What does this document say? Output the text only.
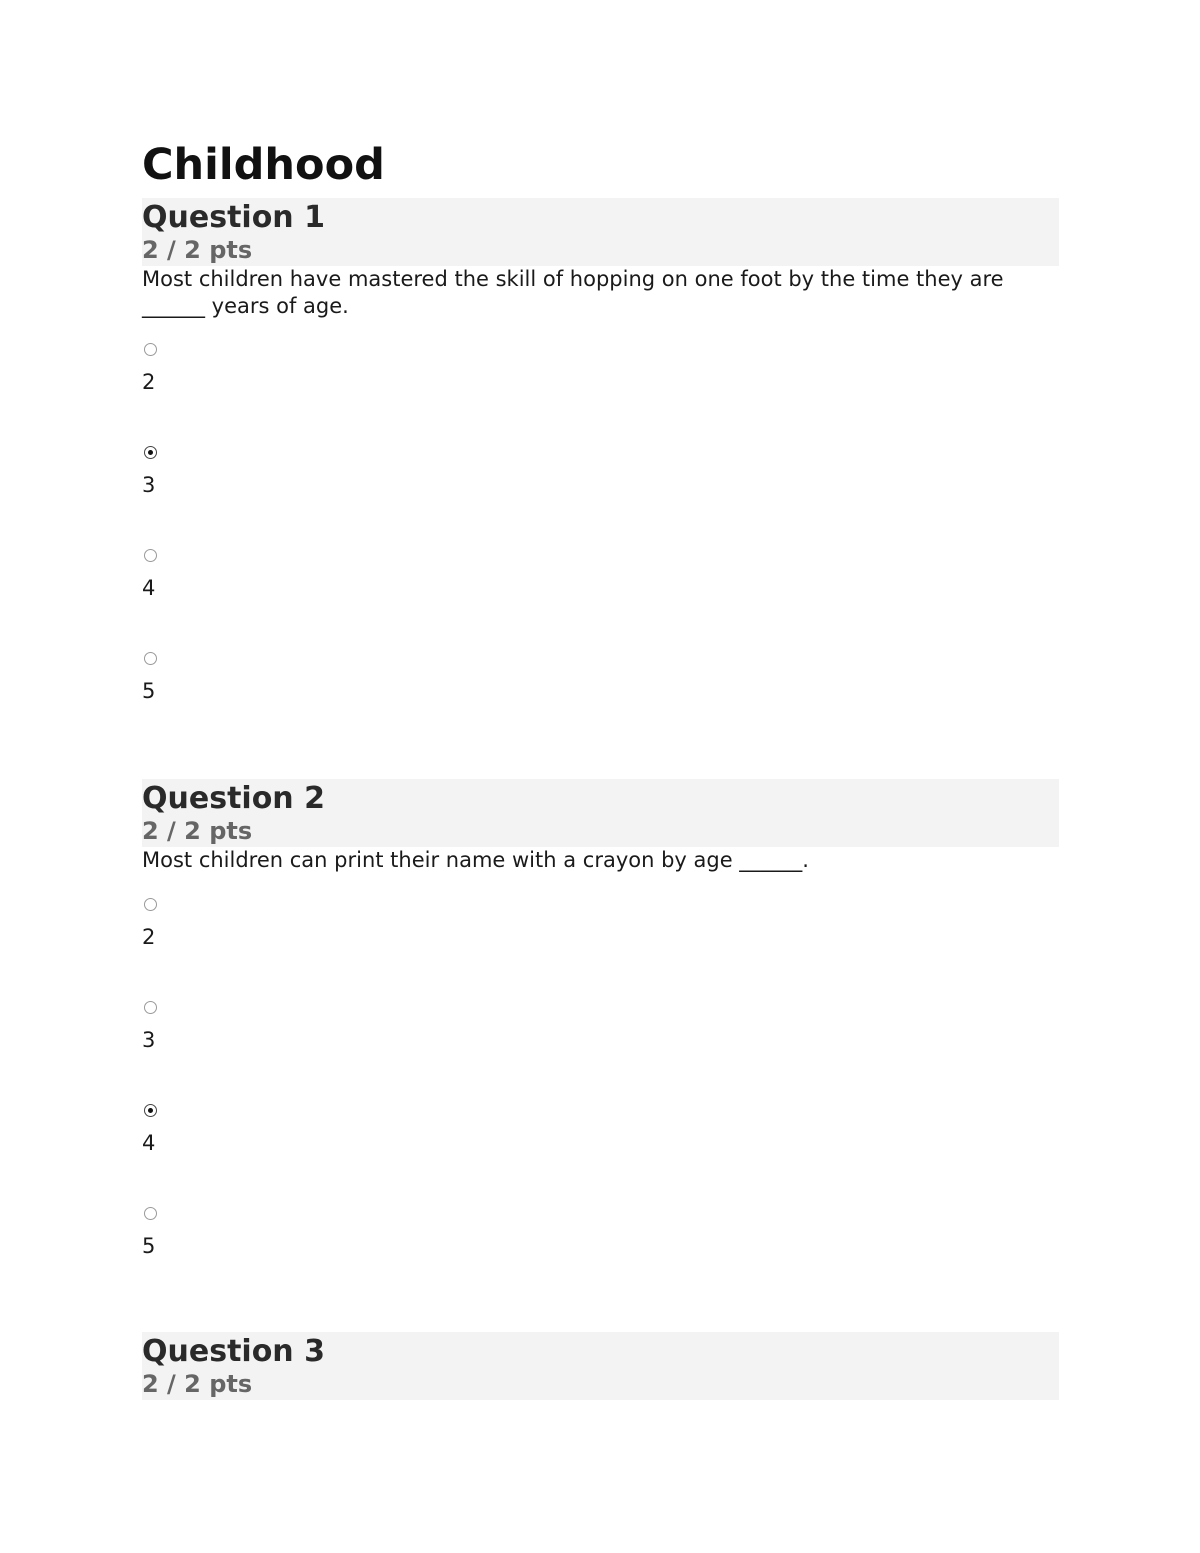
Childhood
Question 1
2 / 2 pts

Most children have mastered the skill of hopping on one foot by the time they are ______ years of age.

2
3
4
5
Question 2
2 / 2 pts

Most children can print their name with a crayon by age ______.

2
3
4
5
Question 3
2 / 2 pts
